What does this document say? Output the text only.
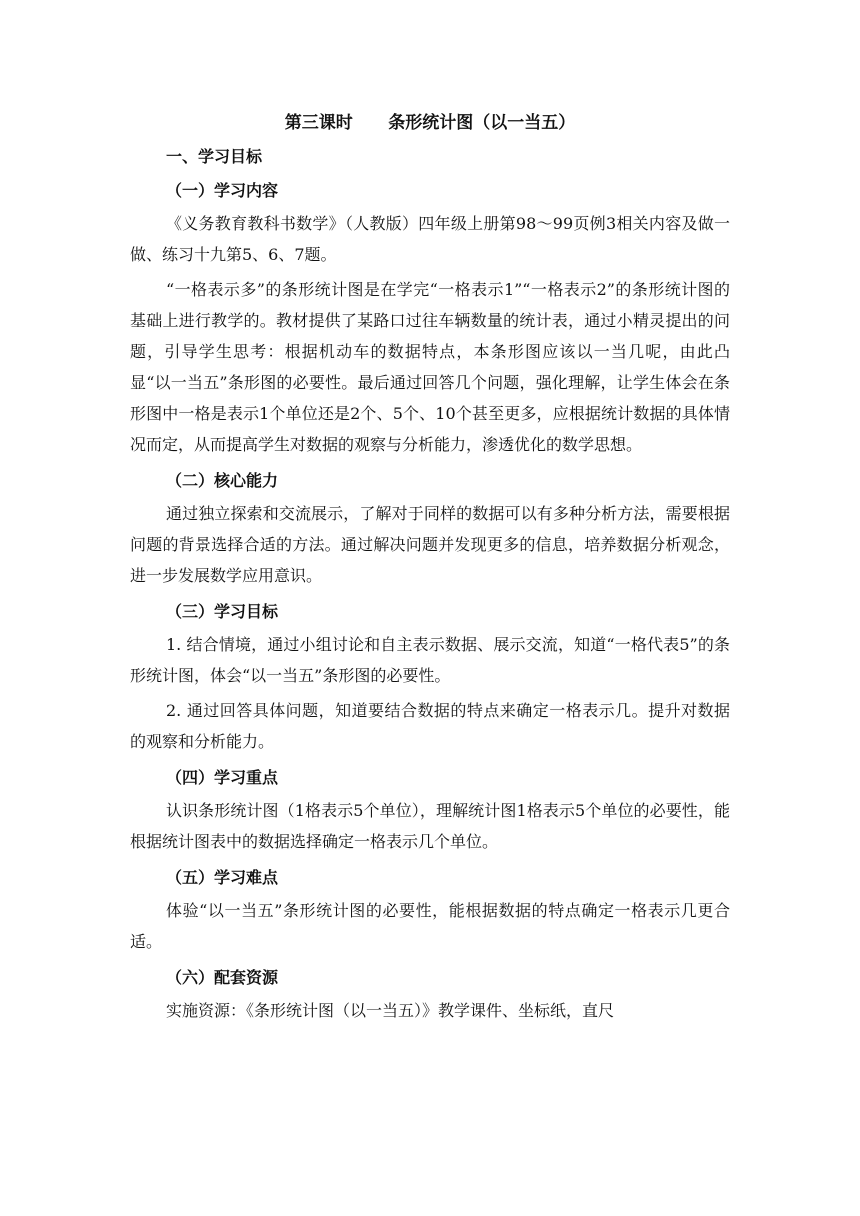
第三课时      条形统计图（以一当五）
一、学习目标
（一）学习内容

《义务教育教科书数学》（人教版）四年级上册第98～99页例3相关内容及做一做、练习十九第5、6、7题。

“一格表示多”的条形统计图是在学完“一格表示1”“一格表示2”的条形统计图的基础上进行教学的。教材提供了某路口过往车辆数量的统计表，通过小精灵提出的问题，引导学生思考：根据机动车的数据特点，本条形图应该以一当几呢，由此凸显“以一当五”条形图的必要性。最后通过回答几个问题，强化理解，让学生体会在条形图中一格是表示1个单位还是2个、5个、10个甚至更多，应根据统计数据的具体情况而定，从而提高学生对数据的观察与分析能力，渗透优化的数学思想。

（二）核心能力

通过独立探索和交流展示，了解对于同样的数据可以有多种分析方法，需要根据问题的背景选择合适的方法。通过解决问题并发现更多的信息，培养数据分析观念，进一步发展数学应用意识。

（三）学习目标

1. 结合情境，通过小组讨论和自主表示数据、展示交流，知道“一格代表5”的条形统计图，体会“以一当五”条形图的必要性。

2. 通过回答具体问题，知道要结合数据的特点来确定一格表示几。提升对数据的观察和分析能力。

（四）学习重点

认识条形统计图（1格表示5个单位），理解统计图1格表示5个单位的必要性，能根据统计图表中的数据选择确定一格表示几个单位。

（五）学习难点

体验“以一当五”条形统计图的必要性，能根据数据的特点确定一格表示几更合适。

（六）配套资源

实施资源：《条形统计图（以一当五）》教学课件、坐标纸，直尺
